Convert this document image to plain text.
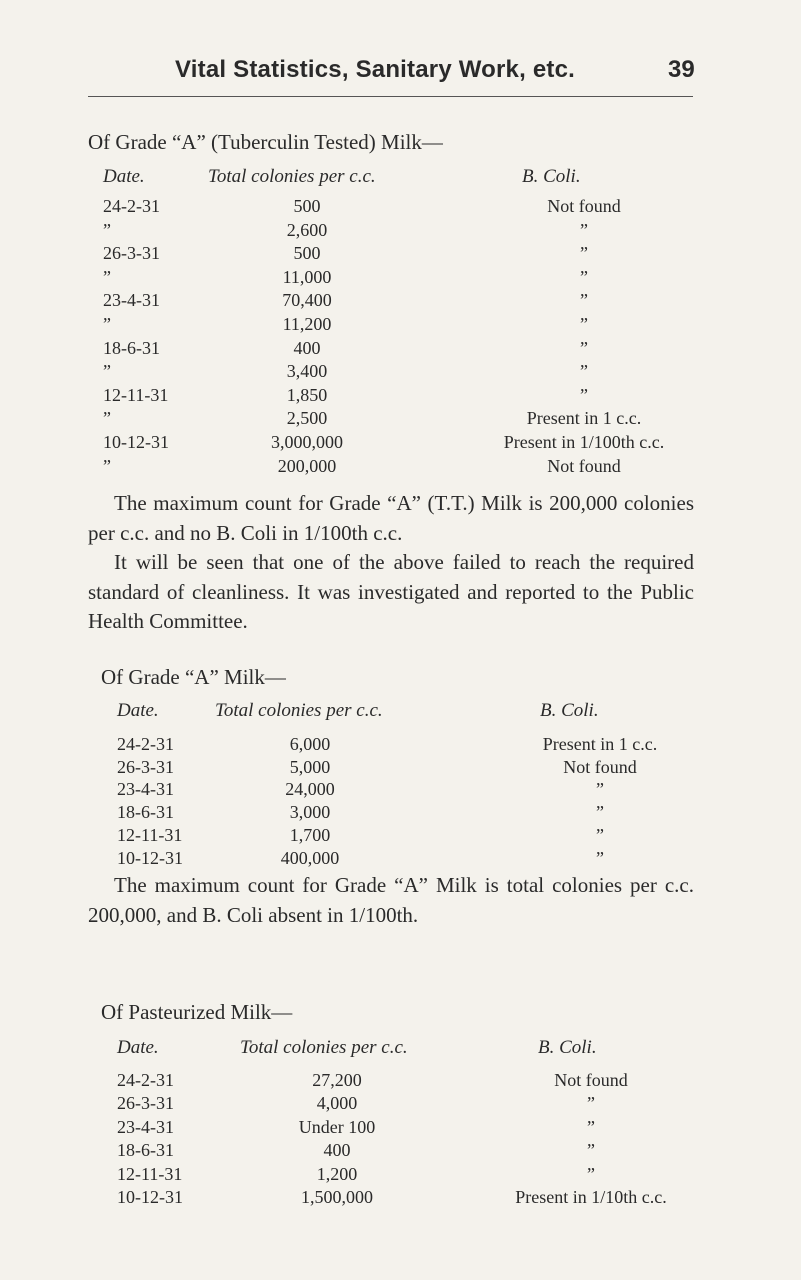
Vital Statistics, Sanitary Work, etc.	39
Of Grade “A” (Tuberculin Tested) Milk—
Date.	Total colonies per c.c.	B. Coli.
24-2-31	500	Not found
”	2,600	”
26-3-31	500	”
”	11,000	”
23-4-31	70,400	”
”	11,200	”
18-6-31	400	”
”	3,400	”
12-11-31	1,850	”
”	2,500	Present in 1 c.c.
10-12-31	3,000,000	Present in 1/100th c.c.
”	200,000	Not found

The maximum count for Grade “A” (T.T.) Milk is 200,000 colonies per c.c. and no B. Coli in 1/100th c.c.

It will be seen that one of the above failed to reach the required standard of cleanliness. It was investigated and reported to the Public Health Committee.

Of Grade “A” Milk—
Date.	Total colonies per c.c.	B. Coli.
24-2-31	6,000	Present in 1 c.c.
26-3-31	5,000	Not found
23-4-31	24,000	”
18-6-31	3,000	”
12-11-31	1,700	”
10-12-31	400,000	”

The maximum count for Grade “A” Milk is total colonies per c.c. 200,000, and B. Coli absent in 1/100th.

Of Pasteurized Milk—
Date.	Total colonies per c.c.	B. Coli.
24-2-31	27,200	Not found
26-3-31	4,000	”
23-4-31	Under 100	”
18-6-31	400	”
12-11-31	1,200	”
10-12-31	1,500,000	Present in 1/10th c.c.
